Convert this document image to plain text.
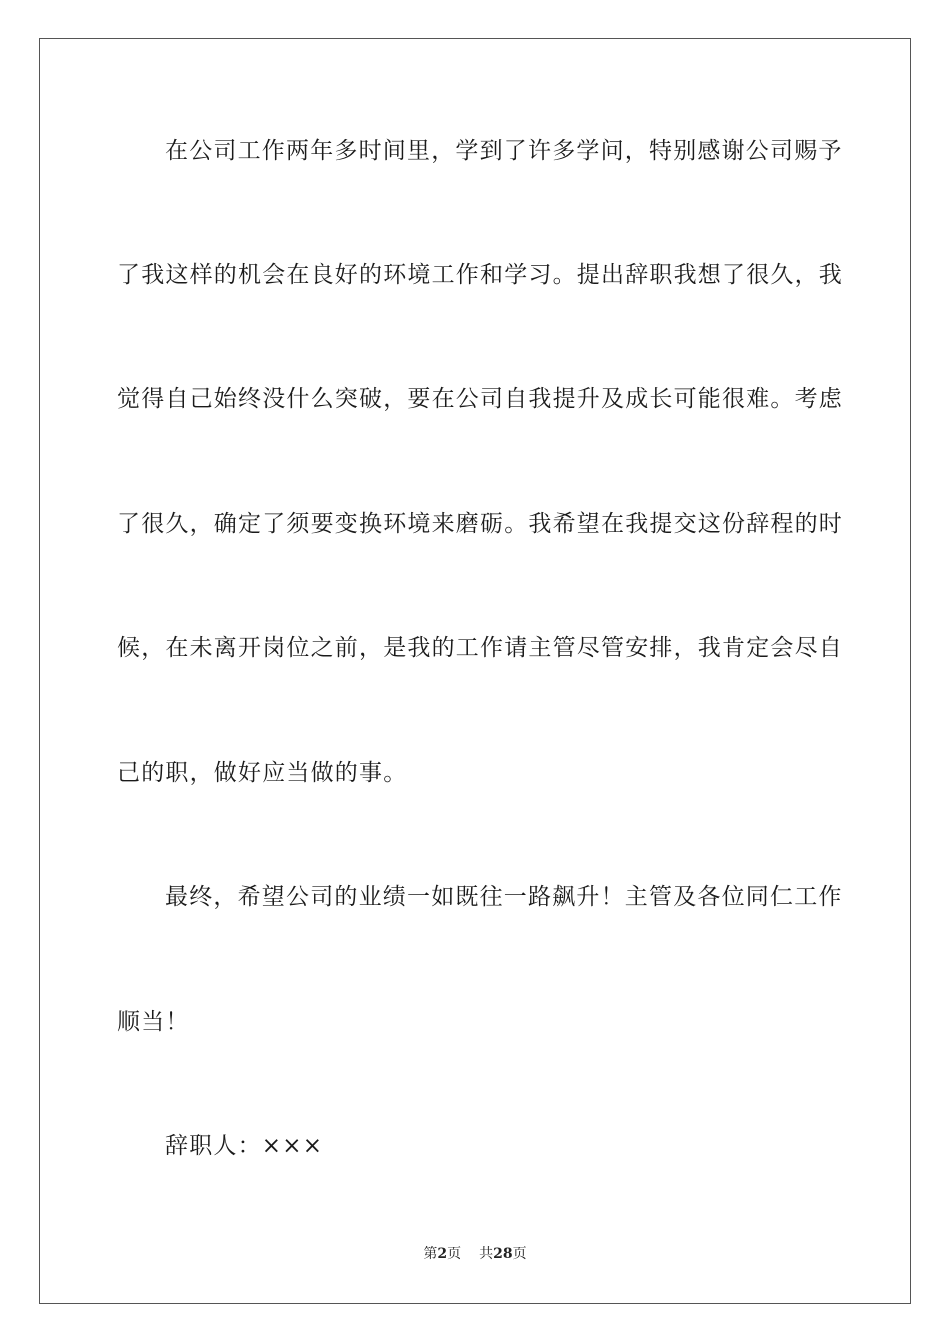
在公司工作两年多时间里，学到了许多学问，特别感谢公司赐予
了我这样的机会在良好的环境工作和学习。提出辞职我想了很久，我
觉得自己始终没什么突破，要在公司自我提升及成长可能很难。考虑
了很久，确定了须要变换环境来磨砺。我希望在我提交这份辞程的时
候，在未离开岗位之前，是我的工作请主管尽管安排，我肯定会尽自
己的职，做好应当做的事。
最终，希望公司的业绩一如既往一路飙升！主管及各位同仁工作
顺当！
辞职人：×××
第2页 共28页
